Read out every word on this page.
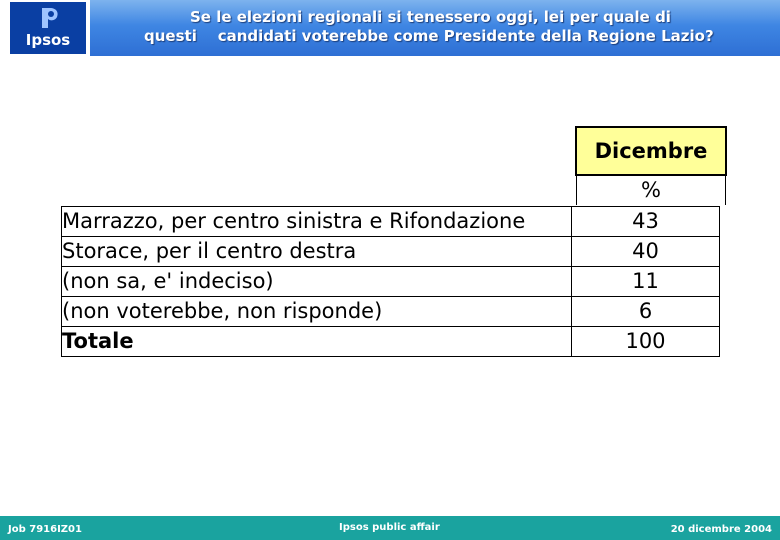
Ipsos
Se le elezioni regionali si tenessero oggi, lei per quale di
questi    candidati voterebbe come Presidente della Regione Lazio?
Dicembre
%
Marrazzo, per centro sinistra e Rifondazione	43
Storace, per il centro destra	40
(non sa, e' indeciso)	11
(non voterebbe, non risponde)	6
Totale	100
Job 7916IZ01	Ipsos public affair	20 dicembre 2004
